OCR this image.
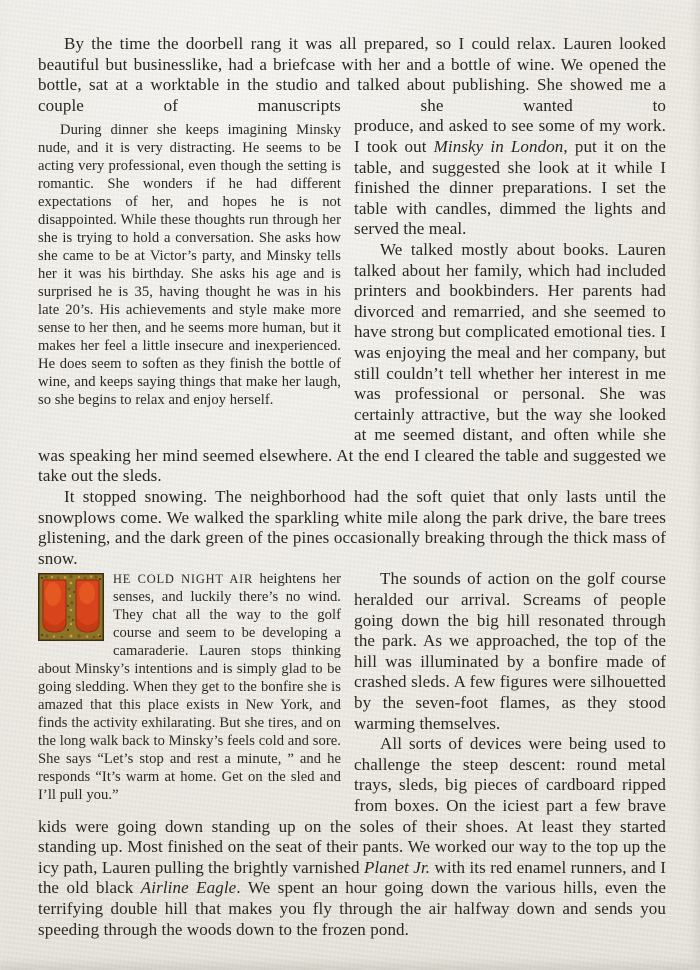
By the time the doorbell rang it was all prepared, so I could relax. Lauren looked beautiful but businesslike, had a briefcase with her and a bottle of wine. We opened the bottle, sat at a worktable in the studio and talked about publishing. She showed me a couple of manuscripts she wanted to

During dinner she keeps imagining Minsky nude, and it is very distracting. He seems to be acting very professional, even though the setting is romantic. She wonders if he had different expectations of her, and hopes he is not disappointed. While these thoughts run through her she is trying to hold a conversation. She asks how she came to be at Victor’s party, and Minsky tells her it was his birthday. She asks his age and is surprised he is 35, having thought he was in his late 20’s. His achievements and style make more sense to her then, and he seems more human, but it makes her feel a little insecure and inexperienced. He does seem to soften as they finish the bottle of wine, and keeps saying things that make her laugh, so she begins to relax and enjoy herself.

produce, and asked to see some of my work. I took out Minsky in London, put it on the table, and suggested she look at it while I finished the dinner preparations. I set the table with candles, dimmed the lights and served the meal.

We talked mostly about books. Lauren talked about her family, which had included printers and bookbinders. Her parents had divorced and remarried, and she seemed to have strong but complicated emotional ties. I was enjoying the meal and her company, but still couldn’t tell whether her interest in me was professional or personal. She was certainly attractive, but the way she looked at me seemed distant, and often while she was speaking her mind seemed elsewhere. At the end I cleared the table and suggested we take out the sleds.

It stopped snowing. The neighborhood had the soft quiet that only lasts until the snowplows come. We walked the sparkling white mile along the park drive, the bare trees glistening, and the dark green of the pines occasionally breaking through the thick mass of snow.

HE COLD NIGHT AIR heightens her senses, and luckily there’s no wind. They chat all the way to the golf course and seem to be developing a camaraderie. Lauren stops thinking about Minsky’s intentions and is simply glad to be going sledding. When they get to the bonfire she is amazed that this place exists in New York, and finds the activity exhilarating. But she tires, and on the long walk back to Minsky’s feels cold and sore. She says “Let’s stop and rest a minute, ” and he responds “It’s warm at home. Get on the sled and I’ll pull you.”

The sounds of action on the golf course heralded our arrival. Screams of people going down the big hill resonated through the park. As we approached, the top of the hill was illuminated by a bonfire made of crashed sleds. A few figures were silhouetted by the seven-foot flames, as they stood warming themselves.

All sorts of devices were being used to challenge the steep descent: round metal trays, sleds, big pieces of cardboard ripped from boxes. On the iciest part a few brave kids were going down standing up on the soles of their shoes. At least they started standing up. Most finished on the seat of their pants. We worked our way to the top up the icy path, Lauren pulling the brightly varnished Planet Jr. with its red enamel runners, and I the old black Airline Eagle. We spent an hour going down the various hills, even the terrifying double hill that makes you fly through the air halfway down and sends you speeding through the woods down to the frozen pond.
